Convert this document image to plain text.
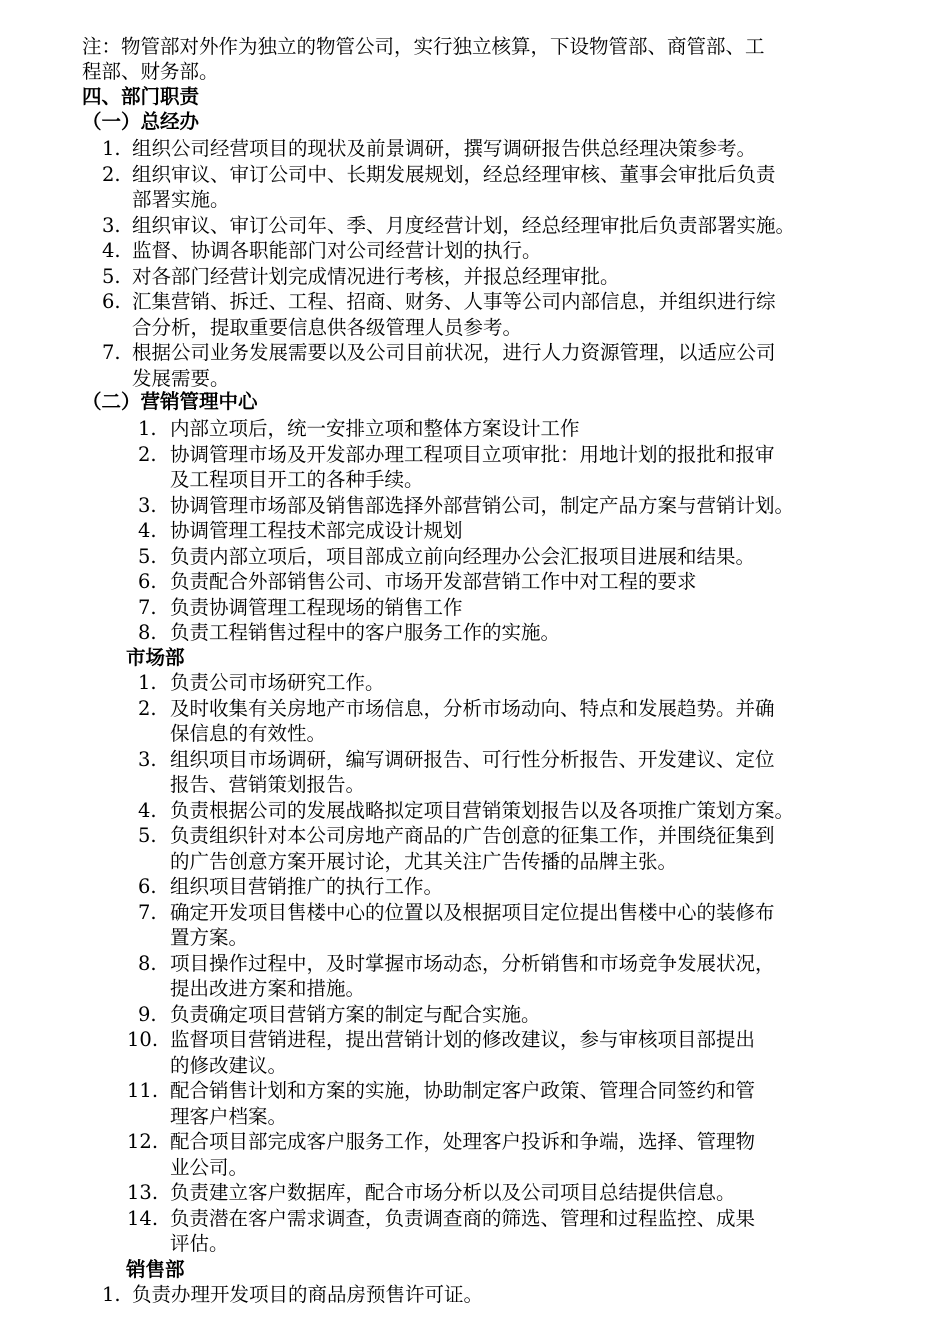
注：物管部对外作为独立的物管公司，实行独立核算，下设物管部、商管部、工
程部、财务部。
四、部门职责
（一）总经办
1. 组织公司经营项目的现状及前景调研，撰写调研报告供总经理决策参考。
2. 组织审议、审订公司中、长期发展规划，经总经理审核、董事会审批后负责
部署实施。
3. 组织审议、审订公司年、季、月度经营计划，经总经理审批后负责部署实施。
4. 监督、协调各职能部门对公司经营计划的执行。
5. 对各部门经营计划完成情况进行考核，并报总经理审批。
6. 汇集营销、拆迁、工程、招商、财务、人事等公司内部信息，并组织进行综
合分析，提取重要信息供各级管理人员参考。
7. 根据公司业务发展需要以及公司目前状况，进行人力资源管理，以适应公司
发展需要。
（二）营销管理中心
1. 内部立项后，统一安排立项和整体方案设计工作
2. 协调管理市场及开发部办理工程项目立项审批：用地计划的报批和报审
及工程项目开工的各种手续。
3. 协调管理市场部及销售部选择外部营销公司，制定产品方案与营销计划。
4. 协调管理工程技术部完成设计规划
5. 负责内部立项后，项目部成立前向经理办公会汇报项目进展和结果。
6. 负责配合外部销售公司、市场开发部营销工作中对工程的要求
7. 负责协调管理工程现场的销售工作
8. 负责工程销售过程中的客户服务工作的实施。
市场部
1. 负责公司市场研究工作。
2. 及时收集有关房地产市场信息，分析市场动向、特点和发展趋势。并确
保信息的有效性。
3. 组织项目市场调研，编写调研报告、可行性分析报告、开发建议、定位
报告、营销策划报告。
4. 负责根据公司的发展战略拟定项目营销策划报告以及各项推广策划方案。
5. 负责组织针对本公司房地产商品的广告创意的征集工作，并围绕征集到
的广告创意方案开展讨论，尤其关注广告传播的品牌主张。
6. 组织项目营销推广的执行工作。
7. 确定开发项目售楼中心的位置以及根据项目定位提出售楼中心的装修布
置方案。
8. 项目操作过程中，及时掌握市场动态，分析销售和市场竞争发展状况，
提出改进方案和措施。
9. 负责确定项目营销方案的制定与配合实施。
10. 监督项目营销进程，提出营销计划的修改建议，参与审核项目部提出
的修改建议。
11. 配合销售计划和方案的实施，协助制定客户政策、管理合同签约和管
理客户档案。
12. 配合项目部完成客户服务工作，处理客户投诉和争端，选择、管理物
业公司。
13. 负责建立客户数据库，配合市场分析以及公司项目总结提供信息。
14. 负责潜在客户需求调查，负责调查商的筛选、管理和过程监控、成果
评估。
销售部
1. 负责办理开发项目的商品房预售许可证。
